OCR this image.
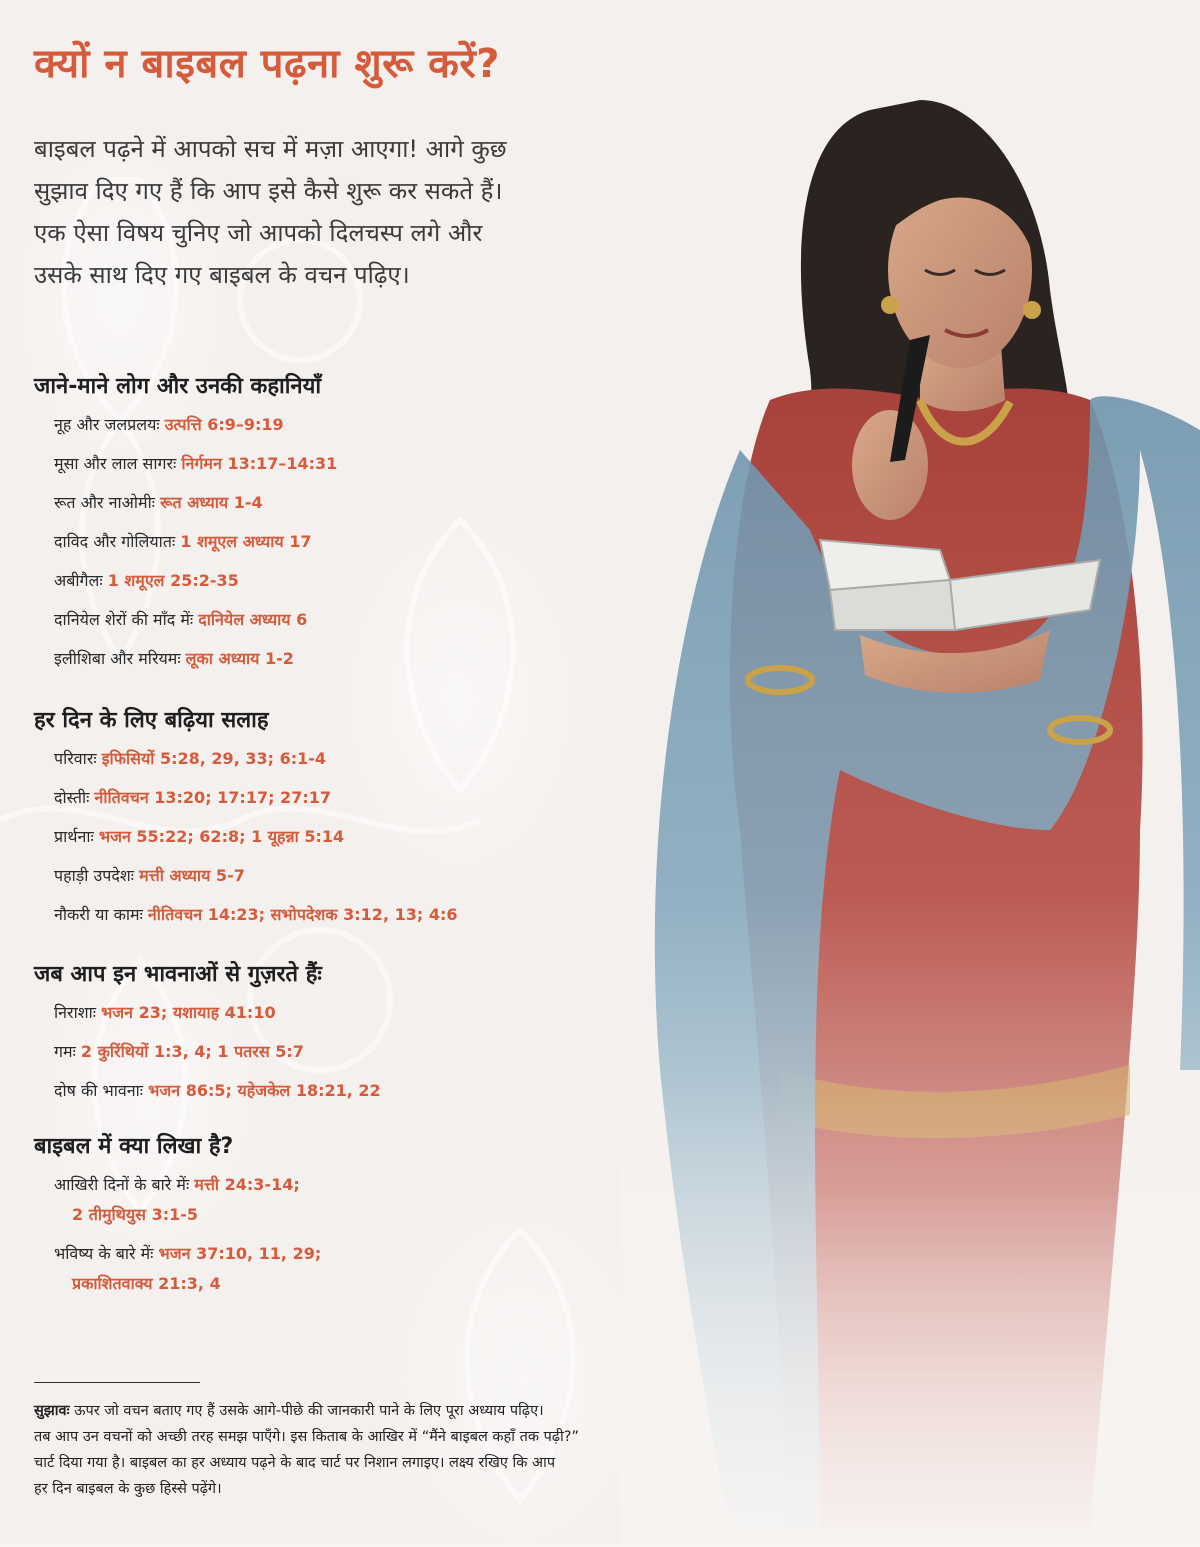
क्यों न बाइबल पढ़ना शुरू करें?
बाइबल पढ़ने में आपको सच में मज़ा आएगा! आगे कुछ
सुझाव दिए गए हैं कि आप इसे कैसे शुरू कर सकते हैं।
एक ऐसा विषय चुनिए जो आपको दिलचस्प लगे और
उसके साथ दिए गए बाइबल के वचन पढ़िए।
जाने-माने लोग और उनकी कहानियाँ
नूह और जलप्रलयः उत्पत्ति 6:9–9:19
मूसा और लाल सागरः निर्गमन 13:17–14:31
रूत और नाओमीः रूत अध्याय 1-4
दाविद और गोलियातः 1 शमूएल अध्याय 17
अबीगैलः 1 शमूएल 25:2-35
दानियेल शेरों की माँद मेंः दानियेल अध्याय 6
इलीशिबा और मरियमः लूका अध्याय 1-2
हर दिन के लिए बढ़िया सलाह
परिवारः इफिसियों 5:28, 29, 33; 6:1-4
दोस्तीः नीतिवचन 13:20; 17:17; 27:17
प्रार्थनाः भजन 55:22; 62:8; 1 यूहन्ना 5:14
पहाड़ी उपदेशः मत्ती अध्याय 5-7
नौकरी या कामः नीतिवचन 14:23; सभोपदेशक 3:12, 13; 4:6
जब आप इन भावनाओं से गुज़रते हैंः
निराशाः भजन 23; यशायाह 41:10
गमः 2 कुरिंथियों 1:3, 4; 1 पतरस 5:7
दोष की भावनाः भजन 86:5; यहेजकेल 18:21, 22
बाइबल में क्या लिखा है?
आखिरी दिनों के बारे मेंः मत्ती 24:3-14;
2 तीमुथियुस 3:1-5
भविष्य के बारे मेंः भजन 37:10, 11, 29;
प्रकाशितवाक्य 21:3, 4
सुझावः ऊपर जो वचन बताए गए हैं उसके आगे-पीछे की जानकारी पाने के लिए पूरा अध्याय पढ़िए।
तब आप उन वचनों को अच्छी तरह समझ पाएँगे। इस किताब के आखिर में “मैंने बाइबल कहाँ तक पढ़ी?”
चार्ट दिया गया है। बाइबल का हर अध्याय पढ़ने के बाद चार्ट पर निशान लगाइए। लक्ष्य रखिए कि आप
हर दिन बाइबल के कुछ हिस्से पढ़ेंगे।
